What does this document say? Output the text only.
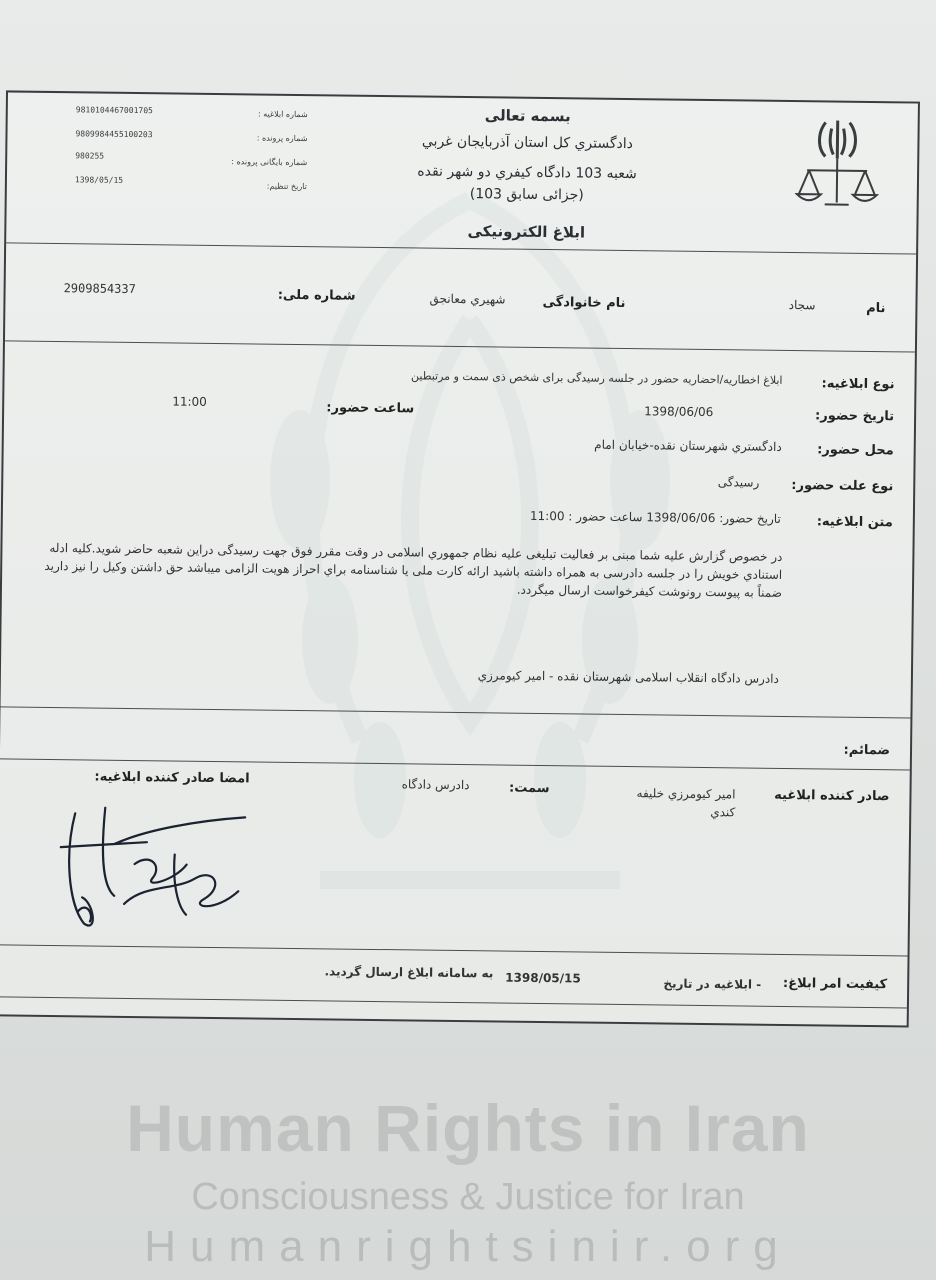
بسمه تعالی
دادگستري كل استان آذربايجان غربي
شعبه 103 دادگاه كيفري دو شهر نقده
(103 جزائی سابق)
ابلاغ الكترونيكی
شماره ابلاغیه :
9810104467001705
شماره پرونده :
9809984455100203
شماره بایگانی پرونده :
980255
تاریخ تنظیم:
1398/05/15
نام
سجاد
نام خانوادگی
شهیري معانجق
شماره ملی:
2909854337
نوع ابلاغیه:
ابلاغ اخطاریه/احضاریه حضور در جلسه رسیدگی برای شخص ذی سمت و مرتبطین
تاريخ حضور:
1398/06/06
ساعت حضور:
11:00
محل حضور:
دادگستري شهرستان نقده-خیابان امام
نوع علت حضور:
رسیدگی
متن ابلاغیه:
تاريخ حضور: 1398/06/06 ساعت حضور : 11:00
در خصوص گزارش علیه شما مبنی بر فعالیت تبلیغی علیه نظام جمهوري اسلامی در وقت مقرر فوق جهت رسیدگی دراین شعبه حاضر شوید.كلیه ادله استنادي خویش را در جلسه دادرسی به همراه داشته باشید ارائه كارت ملی یا شناسنامه براي احراز هویت الزامی میباشد حق داشتن وكیل را نیز دارید ضمناً به پیوست رونوشت كیفرخواست ارسال میگردد.
دادرس دادگاه انقلاب اسلامی شهرستان نقده - امیر كیومرزي
ضمائم:
صادر كننده ابلاغیه
امیر كیومرزي خلیفه كندي
سمت:
دادرس دادگاه
امضا صادر كننده ابلاغیه:
كیفیت امر ابلاغ:
- ابلاغیه در تاریخ
1398/05/15
به سامانه ابلاغ ارسال گردید.
Human Rights in Iran
Consciousness & Justice for Iran
Humanrightsinir.org
